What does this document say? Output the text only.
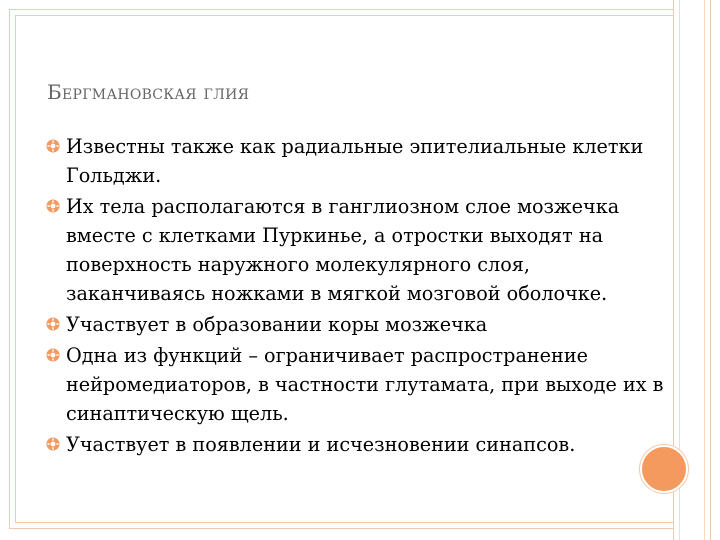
Бергмановская глия
Известны также как радиальные эпителиальные клетки Гольджи.
Их тела располагаются в ганглиозном слое мозжечка вместе с клетками Пуркинье, а отростки выходят на поверхность наружного молекулярного слоя, заканчиваясь ножками в мягкой мозговой оболочке.
Участвует в образовании коры мозжечка
Одна из функций – ограничивает распространение нейромедиаторов, в частности глутамата, при выходе их в синаптическую щель.
Участвует в появлении и исчезновении синапсов.
